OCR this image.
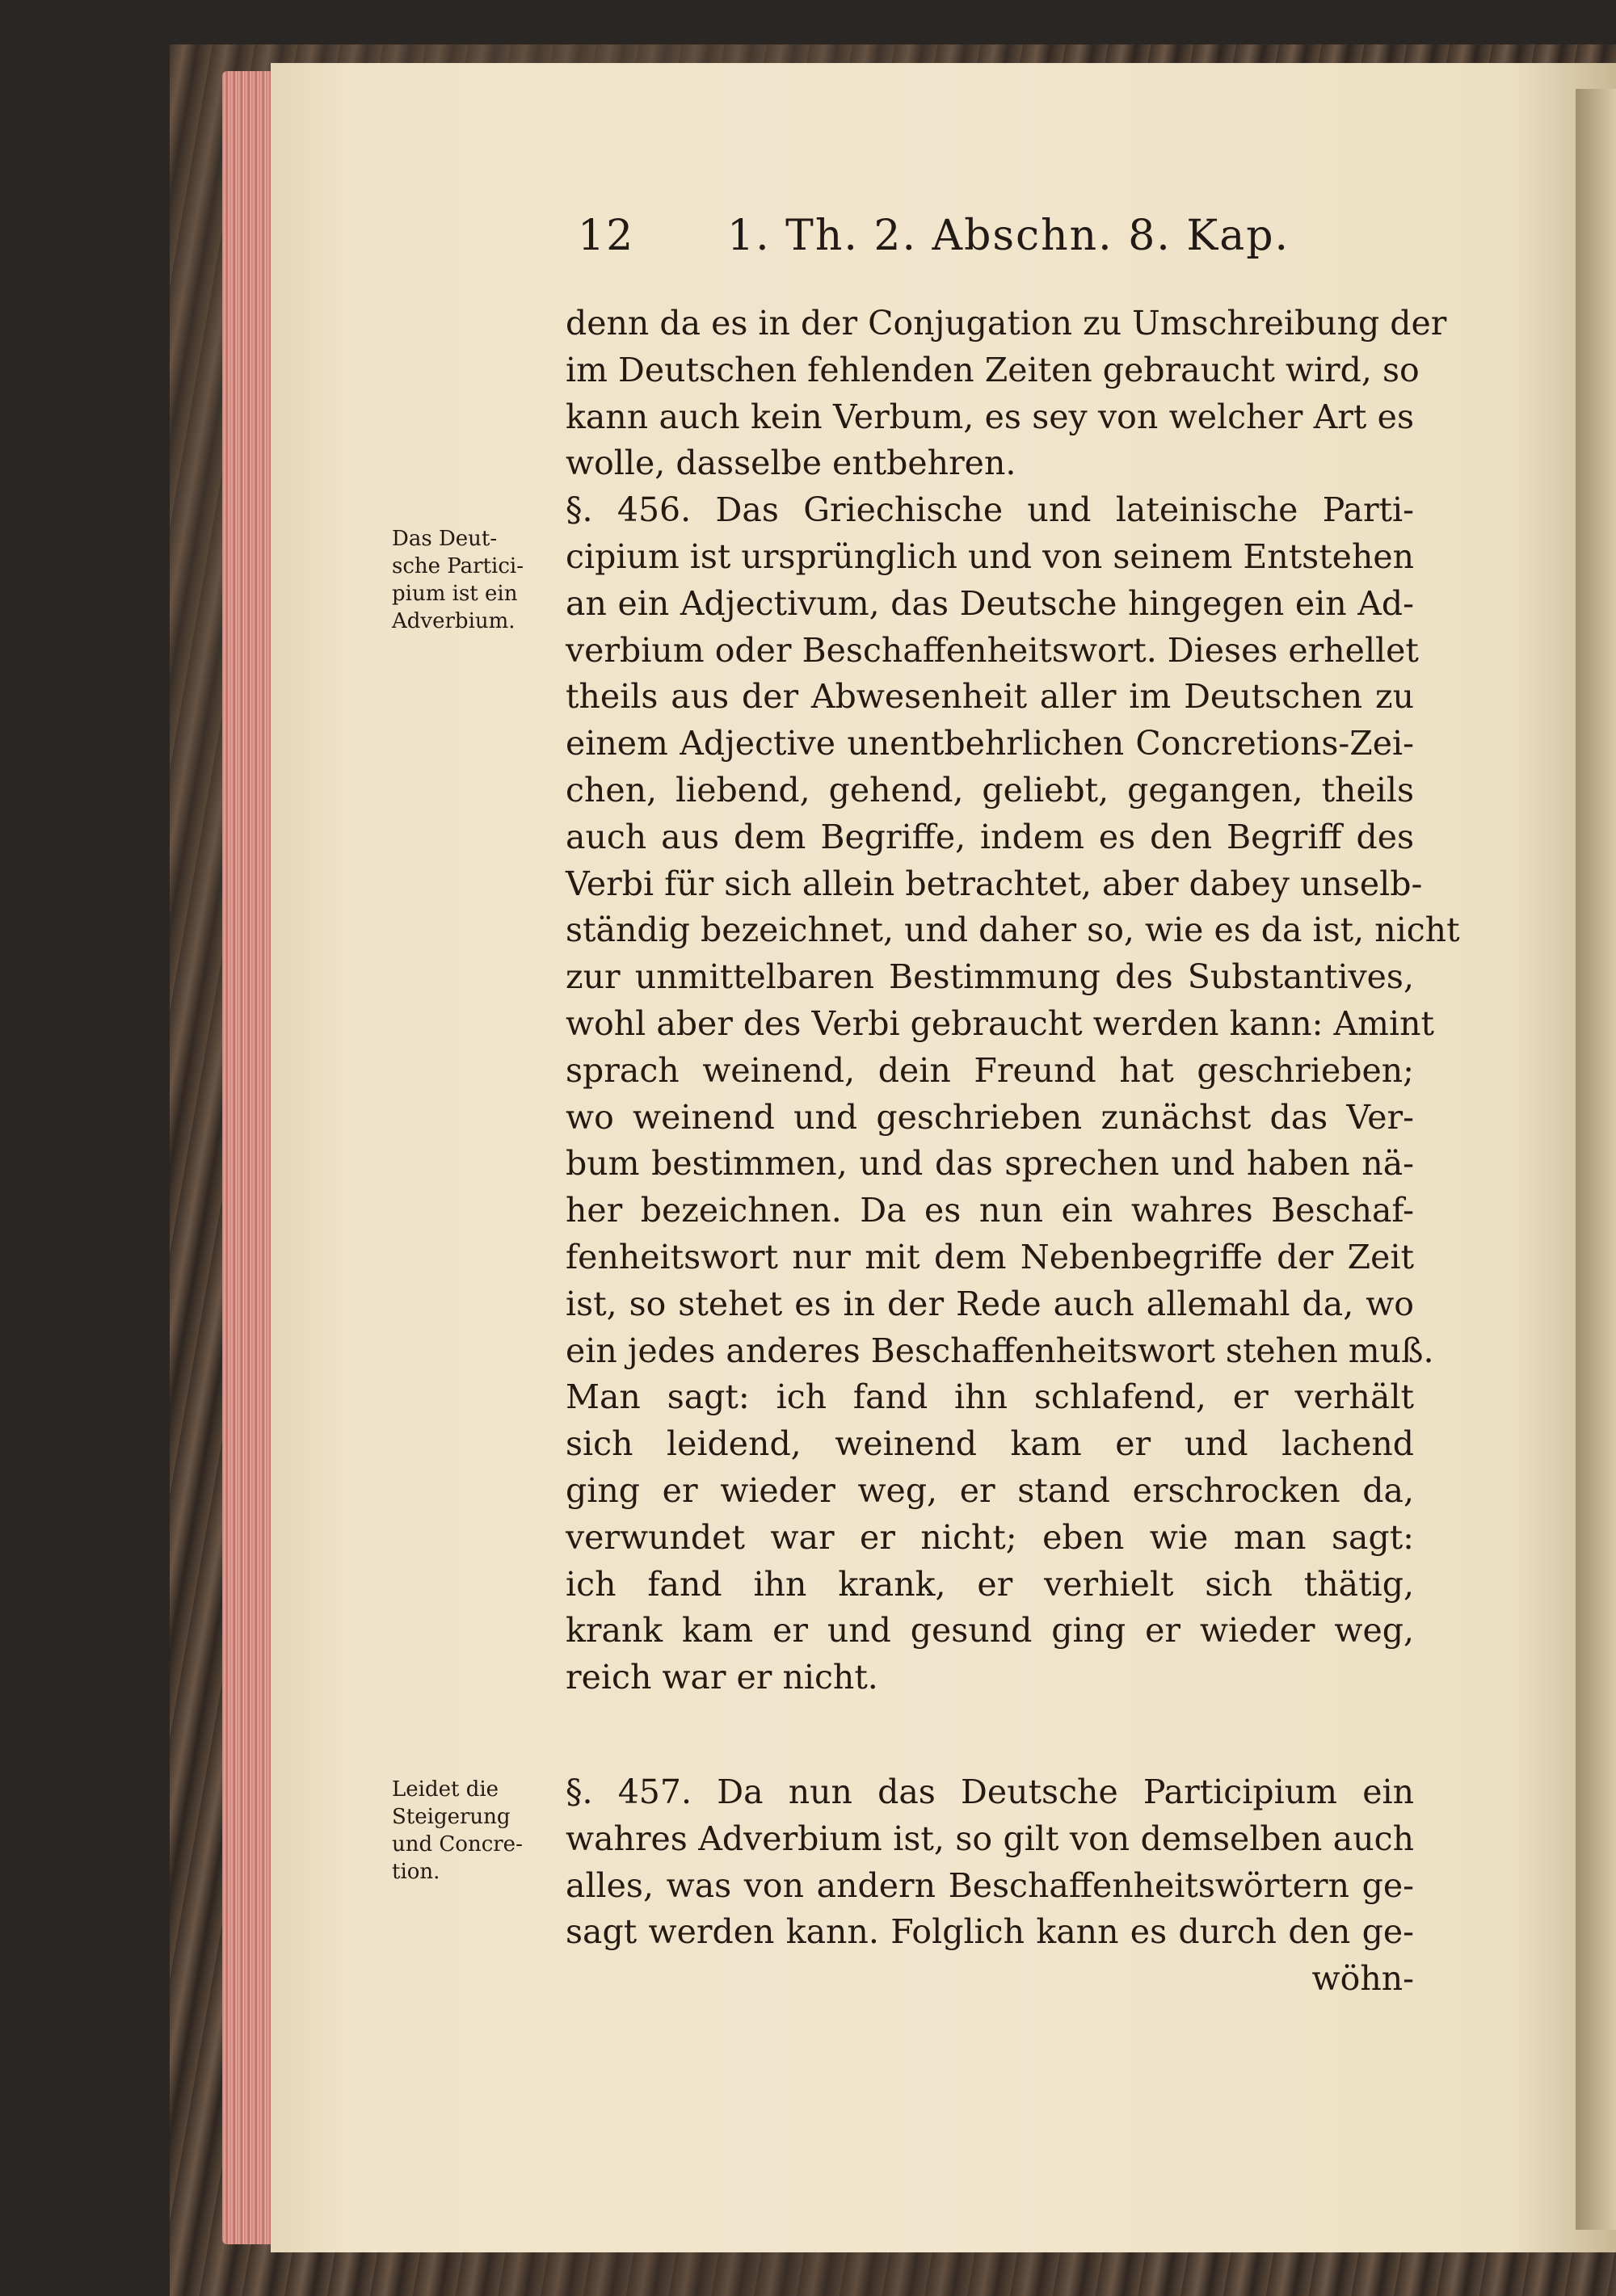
12 1. Th. 2. Abschn. 8. Kap.
denn da es in der Conjugation zu Umschreibung der
im Deutschen fehlenden Zeiten gebraucht wird, so
kann auch kein Verbum, es sey von welcher Art es
wolle, dasselbe entbehren.
§. 456. Das Griechische und lateinische Parti-
cipium ist ursprünglich und von seinem Entstehen
an ein Adjectivum, das Deutsche hingegen ein Ad-
verbium oder Beschaffenheitswort. Dieses erhellet
theils aus der Abwesenheit aller im Deutschen zu
einem Adjective unentbehrlichen Concretions-Zei-
chen, liebend, gehend, geliebt, gegangen, theils
auch aus dem Begriffe, indem es den Begriff des
Verbi für sich allein betrachtet, aber dabey unselb-
ständig bezeichnet, und daher so, wie es da ist, nicht
zur unmittelbaren Bestimmung des Substantives,
wohl aber des Verbi gebraucht werden kann: Amint
sprach weinend, dein Freund hat geschrieben;
wo weinend und geschrieben zunächst das Ver-
bum bestimmen, und das sprechen und haben nä-
her bezeichnen. Da es nun ein wahres Beschaf-
fenheitswort nur mit dem Nebenbegriffe der Zeit
ist, so stehet es in der Rede auch allemahl da, wo
ein jedes anderes Beschaffenheitswort stehen muß.
Man sagt: ich fand ihn schlafend, er verhält
sich leidend, weinend kam er und lachend
ging er wieder weg, er stand erschrocken da,
verwundet war er nicht; eben wie man sagt:
ich fand ihn krank, er verhielt sich thätig,
krank kam er und gesund ging er wieder weg,
reich war er nicht.
Das Deut-
sche Partici-
pium ist ein
Adverbium.
§. 457. Da nun das Deutsche Participium ein
wahres Adverbium ist, so gilt von demselben auch
alles, was von andern Beschaffenheitswörtern ge-
sagt werden kann. Folglich kann es durch den ge-
wöhn-
Leidet die
Steigerung
und Concre-
tion.
